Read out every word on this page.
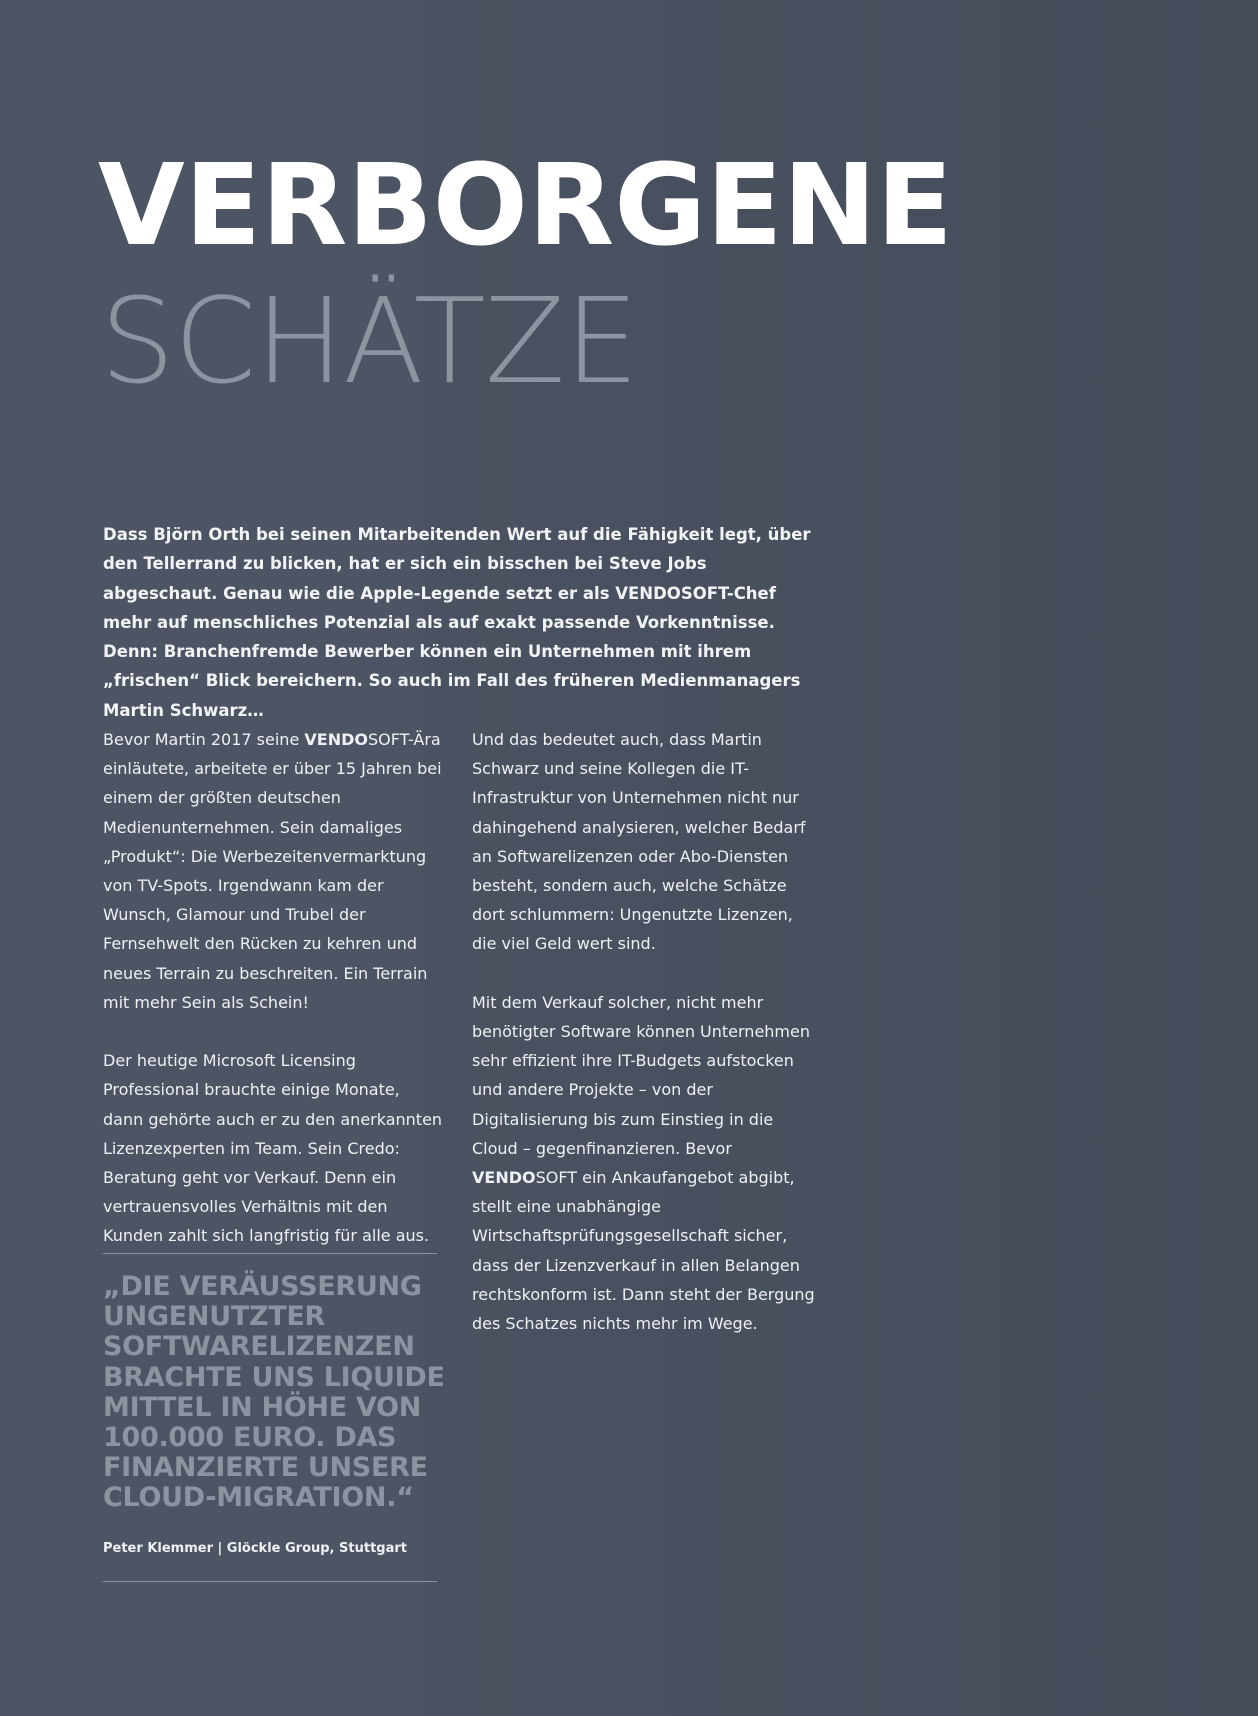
VERBORGENE
SCHÄTZE

Dass Björn Orth bei seinen Mitarbeitenden Wert auf die Fähigkeit legt, über den Tellerrand zu blicken, hat er sich ein bisschen bei Steve Jobs abgeschaut. Genau wie die Apple-Legende setzt er als VENDOSOFT-Chef mehr auf menschliches Potenzial als auf exakt passende Vorkenntnisse. Denn: Branchenfremde Bewerber können ein Unternehmen mit ihrem „frischen“ Blick bereichern. So auch im Fall des früheren Medienmanagers Martin Schwarz…

Bevor Martin 2017 seine VENDOSOFT-Ära einläutete, arbeitete er über 15 Jahren bei einem der größten deutschen Medienunternehmen. Sein damaliges „Produkt“: Die Werbezeitenvermarktung von TV-Spots. Irgendwann kam der Wunsch, Glamour und Trubel der Fernsehwelt den Rücken zu kehren und neues Terrain zu beschreiten. Ein Terrain mit mehr Sein als Schein!

Der heutige Microsoft Licensing Professional brauchte einige Monate, dann gehörte auch er zu den anerkannten Lizenzexperten im Team. Sein Credo: Beratung geht vor Verkauf. Denn ein vertrauensvolles Verhältnis mit den Kunden zahlt sich langfristig für alle aus.

Und das bedeutet auch, dass Martin Schwarz und seine Kollegen die IT-Infrastruktur von Unternehmen nicht nur dahingehend analysieren, welcher Bedarf an Softwarelizenzen oder Abo-Diensten besteht, sondern auch, welche Schätze dort schlummern: Ungenutzte Lizenzen, die viel Geld wert sind.

Mit dem Verkauf solcher, nicht mehr benötigter Software können Unternehmen sehr effizient ihre IT-Budgets aufstocken und andere Projekte – von der Digitalisierung bis zum Einstieg in die Cloud – gegenfinanzieren. Bevor VENDOSOFT ein Ankaufangebot abgibt, stellt eine unabhängige Wirtschaftsprüfungsgesellschaft sicher, dass der Lizenzverkauf in allen Belangen rechtskonform ist. Dann steht der Bergung des Schatzes nichts mehr im Wege.

„DIE VERÄUSSERUNG UNGENUTZTER SOFTWARELIZENZEN BRACHTE UNS LIQUIDE MITTEL IN HÖHE VON 100.000 EURO. DAS FINANZIERTE UNSERE CLOUD-MIGRATION.“

Peter Klemmer | Glöckle Group, Stuttgart
